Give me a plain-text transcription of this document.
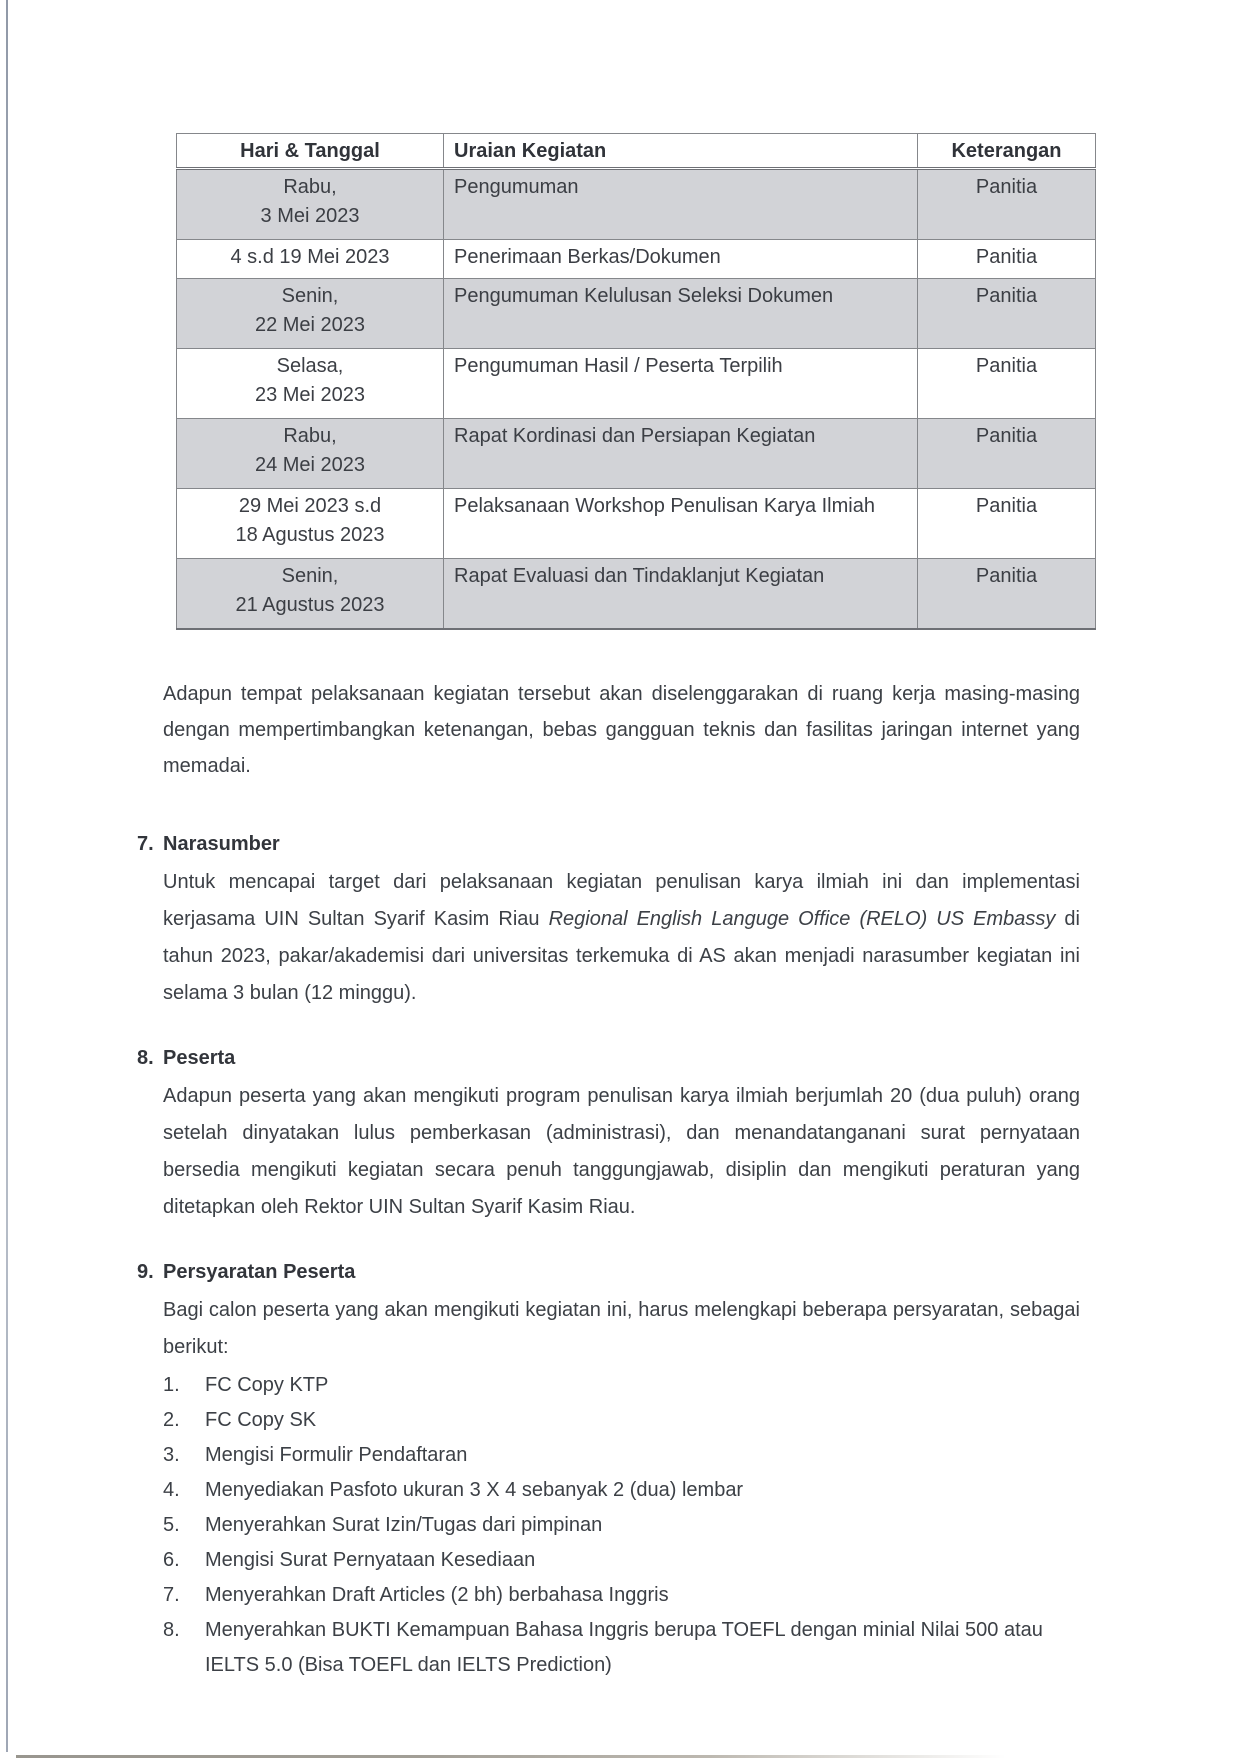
Hari & Tanggal	Uraian Kegiatan	Keterangan

Rabu,
3 Mei 2023	Pengumuman	Panitia

4 s.d 19 Mei 2023	Penerimaan Berkas/Dokumen	Panitia

Senin,
22 Mei 2023	Pengumuman Kelulusan Seleksi Dokumen	Panitia

Selasa,
23 Mei 2023	Pengumuman Hasil / Peserta Terpilih	Panitia

Rabu,
24 Mei 2023	Rapat Kordinasi dan Persiapan Kegiatan	Panitia

29 Mei 2023 s.d
18 Agustus 2023	Pelaksanaan Workshop Penulisan Karya Ilmiah	Panitia

Senin,
21 Agustus 2023	Rapat Evaluasi dan Tindaklanjut Kegiatan	Panitia
Adapun tempat pelaksanaan kegiatan tersebut akan diselenggarakan di ruang kerja masing-masing dengan mempertimbangkan ketenangan, bebas gangguan teknis dan fasilitas jaringan internet yang memadai.
7. Narasumber
Untuk mencapai target dari pelaksanaan kegiatan penulisan karya ilmiah ini dan implementasi kerjasama UIN Sultan Syarif Kasim Riau Regional English Languge Office (RELO) US Embassy di tahun 2023, pakar/akademisi dari universitas terkemuka di AS akan menjadi narasumber kegiatan ini selama 3 bulan (12 minggu).
8. Peserta
Adapun peserta yang akan mengikuti program penulisan karya ilmiah berjumlah 20 (dua puluh) orang setelah dinyatakan lulus pemberkasan (administrasi), dan menandatanganani surat pernyataan bersedia mengikuti kegiatan secara penuh tanggungjawab, disiplin dan mengikuti peraturan yang ditetapkan oleh Rektor UIN Sultan Syarif Kasim Riau.
9. Persyaratan Peserta
Bagi calon peserta yang akan mengikuti kegiatan ini, harus melengkapi beberapa persyaratan, sebagai berikut:
1.	FC Copy KTP
2.	FC Copy SK
3.	Mengisi Formulir Pendaftaran
4.	Menyediakan Pasfoto ukuran 3 X 4 sebanyak 2 (dua) lembar
5.	Menyerahkan Surat Izin/Tugas dari pimpinan
6.	Mengisi Surat Pernyataan Kesediaan
7.	Menyerahkan Draft Articles (2 bh) berbahasa Inggris
8.	Menyerahkan BUKTI Kemampuan Bahasa Inggris berupa TOEFL dengan minial Nilai 500 atau IELTS 5.0 (Bisa TOEFL dan IELTS Prediction)
